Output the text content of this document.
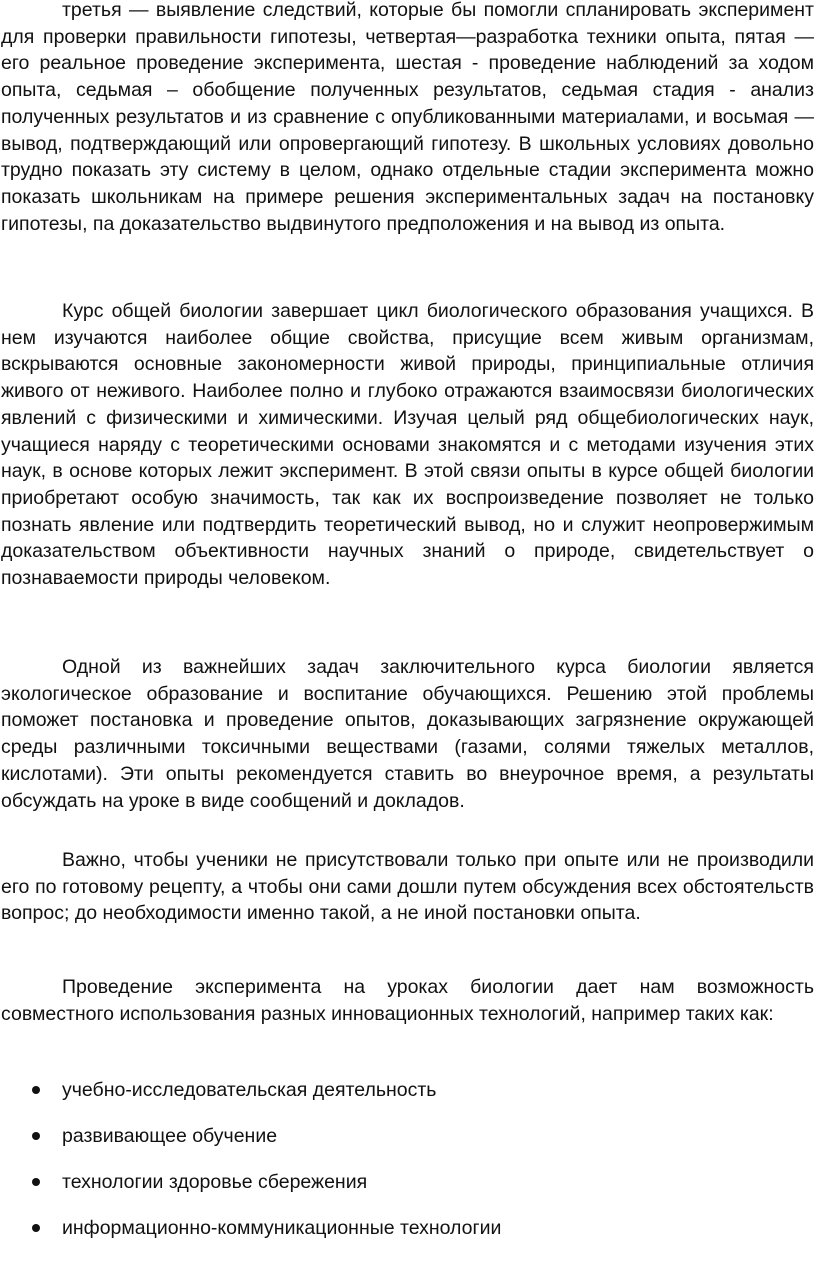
третья — выявление следствий, которые бы помогли спланировать эксперимент для проверки правильности гипотезы, четвертая—разработка техники опыта, пятая — его реальное проведение эксперимента, шестая - проведение наблюдений за ходом опыта, седьмая – обобщение полученных результатов, седьмая стадия - анализ полученных результатов и из сравнение с опубликованными материалами, и восьмая — вывод, подтверждающий или опровергающий гипотезу. В школьных условиях довольно трудно показать эту систему в целом, однако отдельные стадии эксперимента можно показать школьникам на примере решения экспериментальных задач на постановку гипотезы, па доказательство выдвинутого предположения и на вывод из опыта.

Курс общей биологии завершает цикл биологического образования учащихся. В нем изучаются наиболее общие свойства, присущие всем живым организмам, вскрываются основные закономерности живой природы, принципиальные отличия живого от неживого. Наиболее полно и глубоко отражаются взаимосвязи биологических явлений с физическими и химическими. Изучая целый ряд общебиологических наук, учащиеся наряду с теоретическими основами знакомятся и с методами изучения этих наук, в основе которых лежит эксперимент. В этой связи опыты в курсе общей биологии приобретают особую значимость, так как их воспроизведение позволяет не только познать явление или подтвердить теоретический вывод, но и служит неопровержимым доказательством объективности научных знаний о природе, свидетельствует о познаваемости природы человеком.

Одной из важнейших задач заключительного курса биологии является экологическое образование и воспитание обучающихся. Решению этой проблемы поможет постановка и проведение опытов, доказывающих загрязнение окружающей среды различными токсичными веществами (газами, солями тяжелых металлов, кислотами). Эти опыты рекомендуется ставить во внеурочное время, а результаты обсуждать на уроке в виде сообщений и докладов.

Важно, чтобы ученики не присутствовали только при опыте или не производили его по готовому рецепту, а чтобы они сами дошли путем обсуждения всех обстоятельств вопрос; до необходимости именно такой, а не иной постановки опыта.

Проведение эксперимента на уроках биологии дает нам возможность совместного использования разных инновационных технологий, например таких как:

учебно-исследовательская деятельность
развивающее обучение
технологии здоровье сбережения
информационно-коммуникационные технологии
